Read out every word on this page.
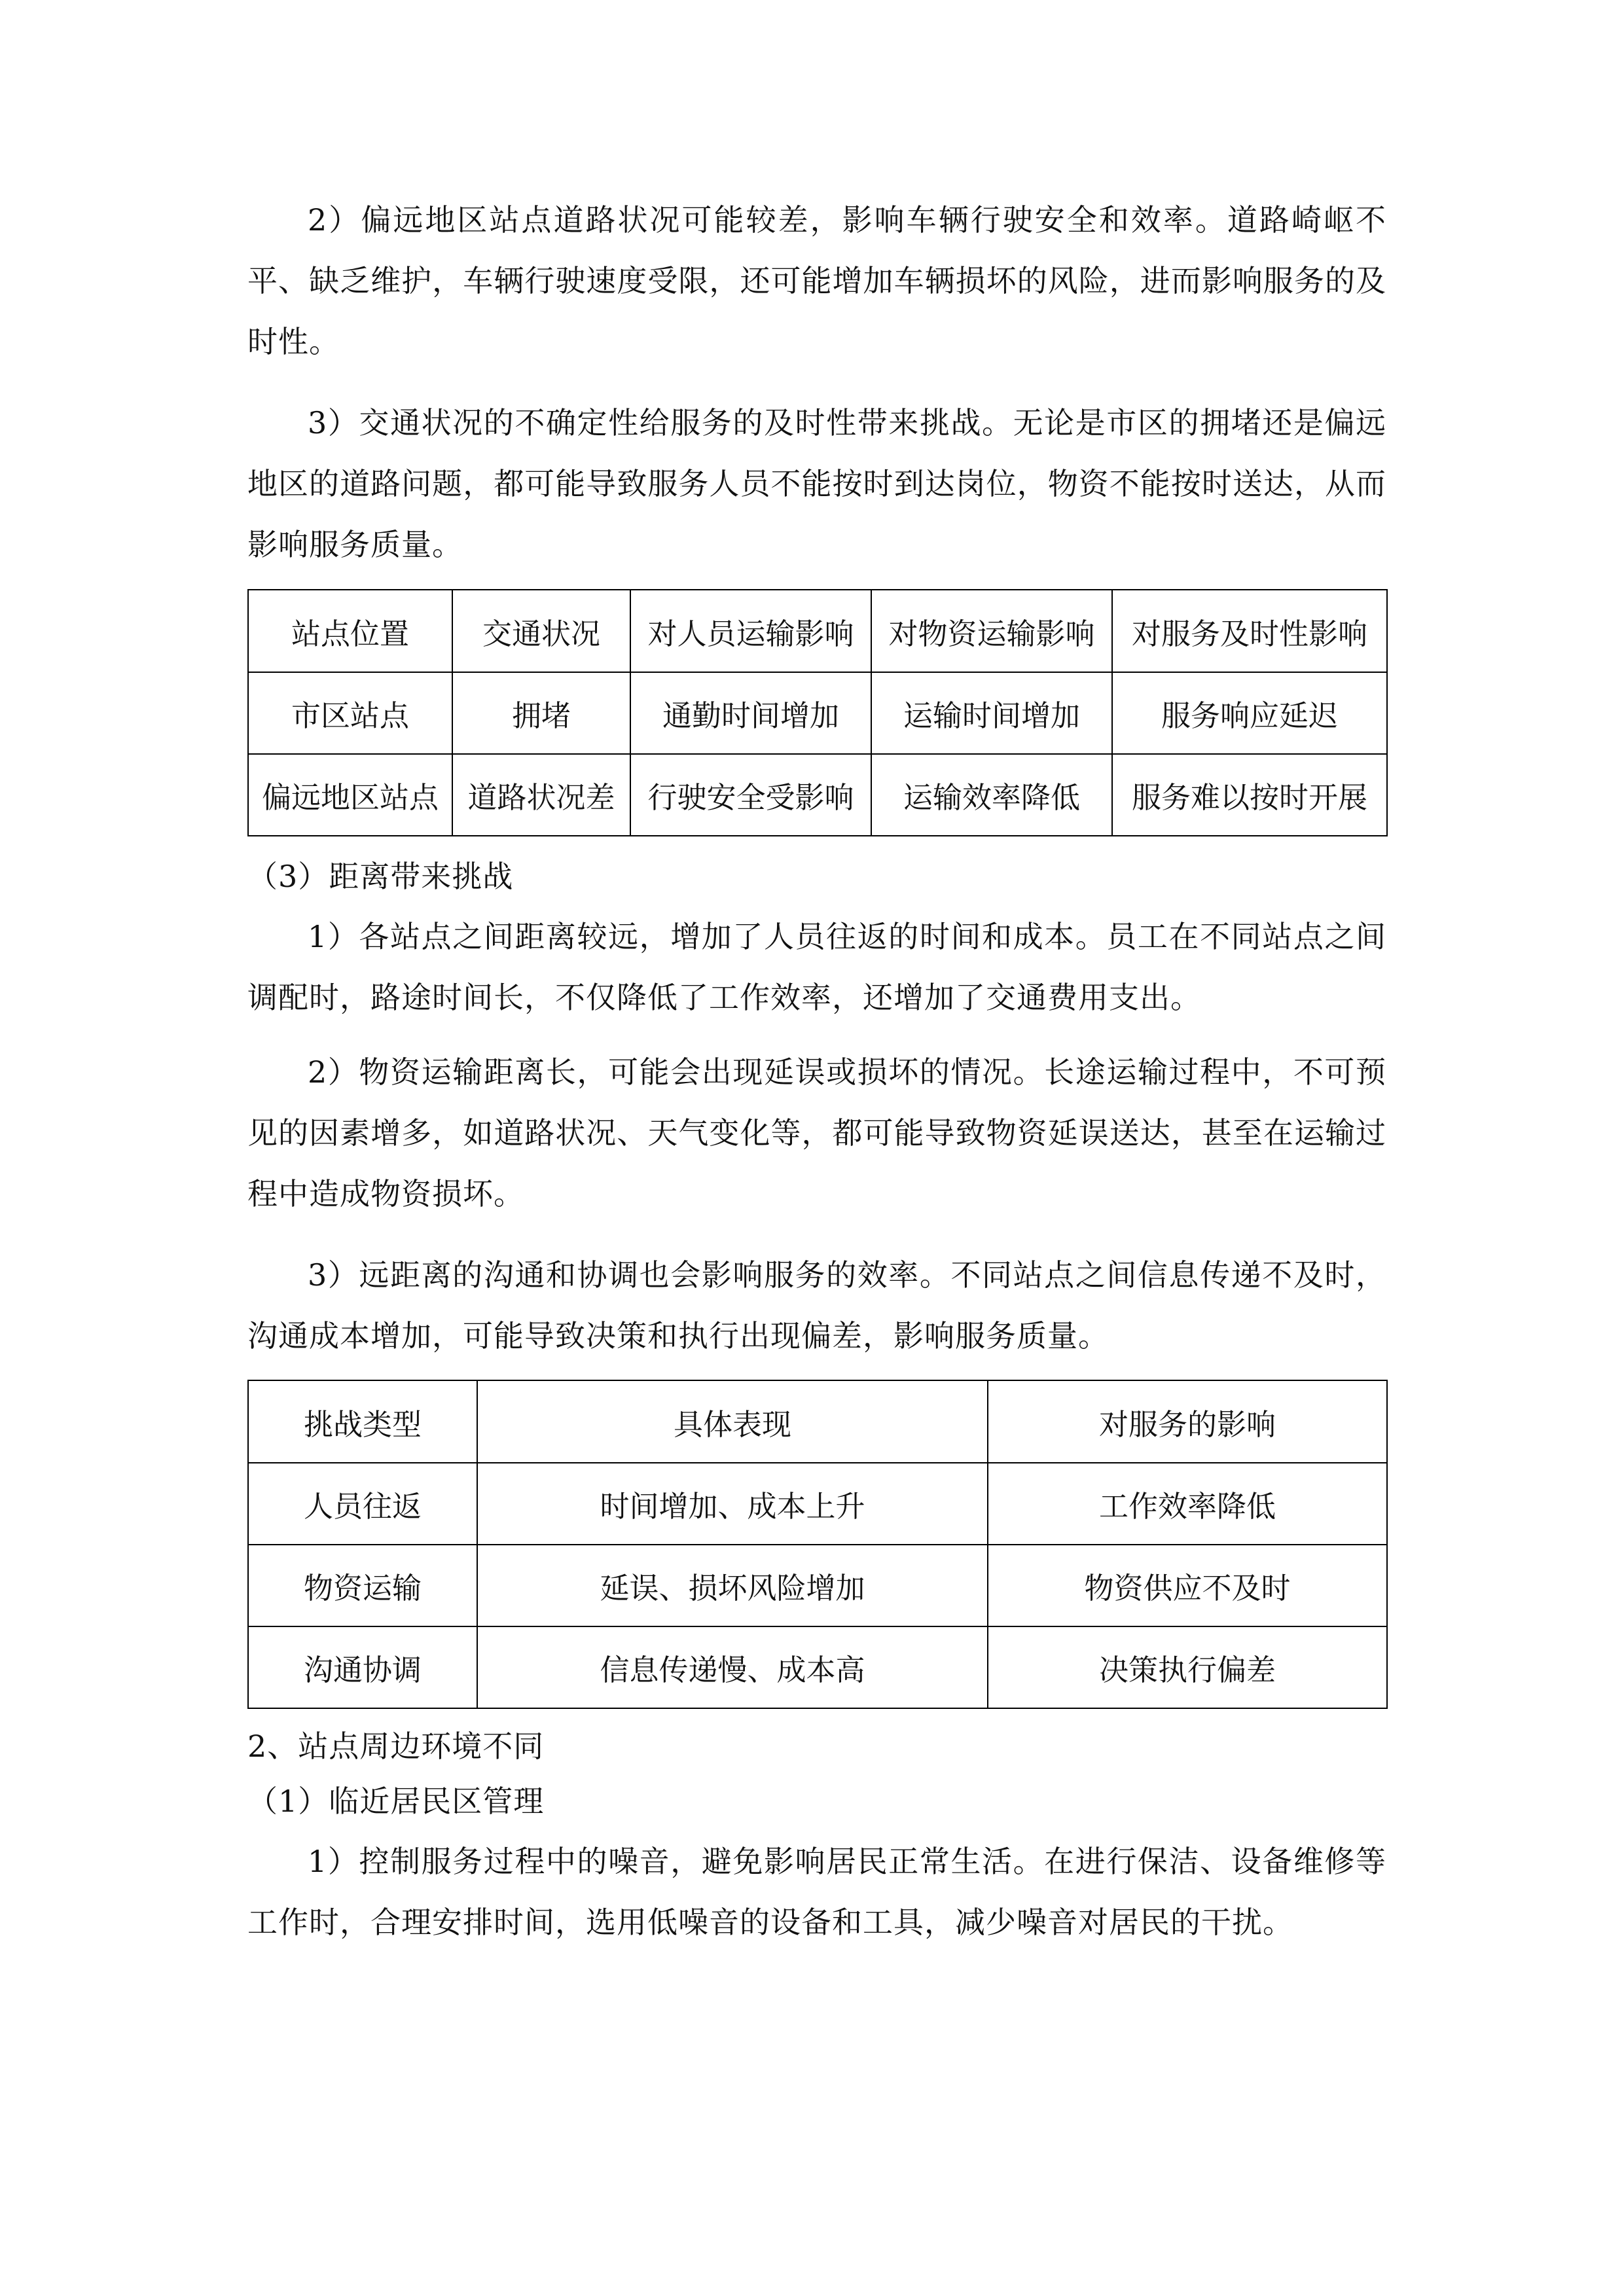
2）偏远地区站点道路状况可能较差，影响车辆行驶安全和效率。道路崎岖不平、缺乏维护，车辆行驶速度受限，还可能增加车辆损坏的风险，进而影响服务的及时性。

3）交通状况的不确定性给服务的及时性带来挑战。无论是市区的拥堵还是偏远地区的道路问题，都可能导致服务人员不能按时到达岗位，物资不能按时送达，从而影响服务质量。

站点位置	交通状况	对人员运输影响	对物资运输影响	对服务及时性影响
市区站点	拥堵	通勤时间增加	运输时间增加	服务响应延迟
偏远地区站点	道路状况差	行驶安全受影响	运输效率降低	服务难以按时开展

（3）距离带来挑战

1）各站点之间距离较远，增加了人员往返的时间和成本。员工在不同站点之间调配时，路途时间长，不仅降低了工作效率，还增加了交通费用支出。

2）物资运输距离长，可能会出现延误或损坏的情况。长途运输过程中，不可预见的因素增多，如道路状况、天气变化等，都可能导致物资延误送达，甚至在运输过程中造成物资损坏。

3）远距离的沟通和协调也会影响服务的效率。不同站点之间信息传递不及时，沟通成本增加，可能导致决策和执行出现偏差，影响服务质量。

挑战类型	具体表现	对服务的影响
人员往返	时间增加、成本上升	工作效率降低
物资运输	延误、损坏风险增加	物资供应不及时
沟通协调	信息传递慢、成本高	决策执行偏差

2、站点周边环境不同

（1）临近居民区管理

1）控制服务过程中的噪音，避免影响居民正常生活。在进行保洁、设备维修等工作时，合理安排时间，选用低噪音的设备和工具，减少噪音对居民的干扰。
